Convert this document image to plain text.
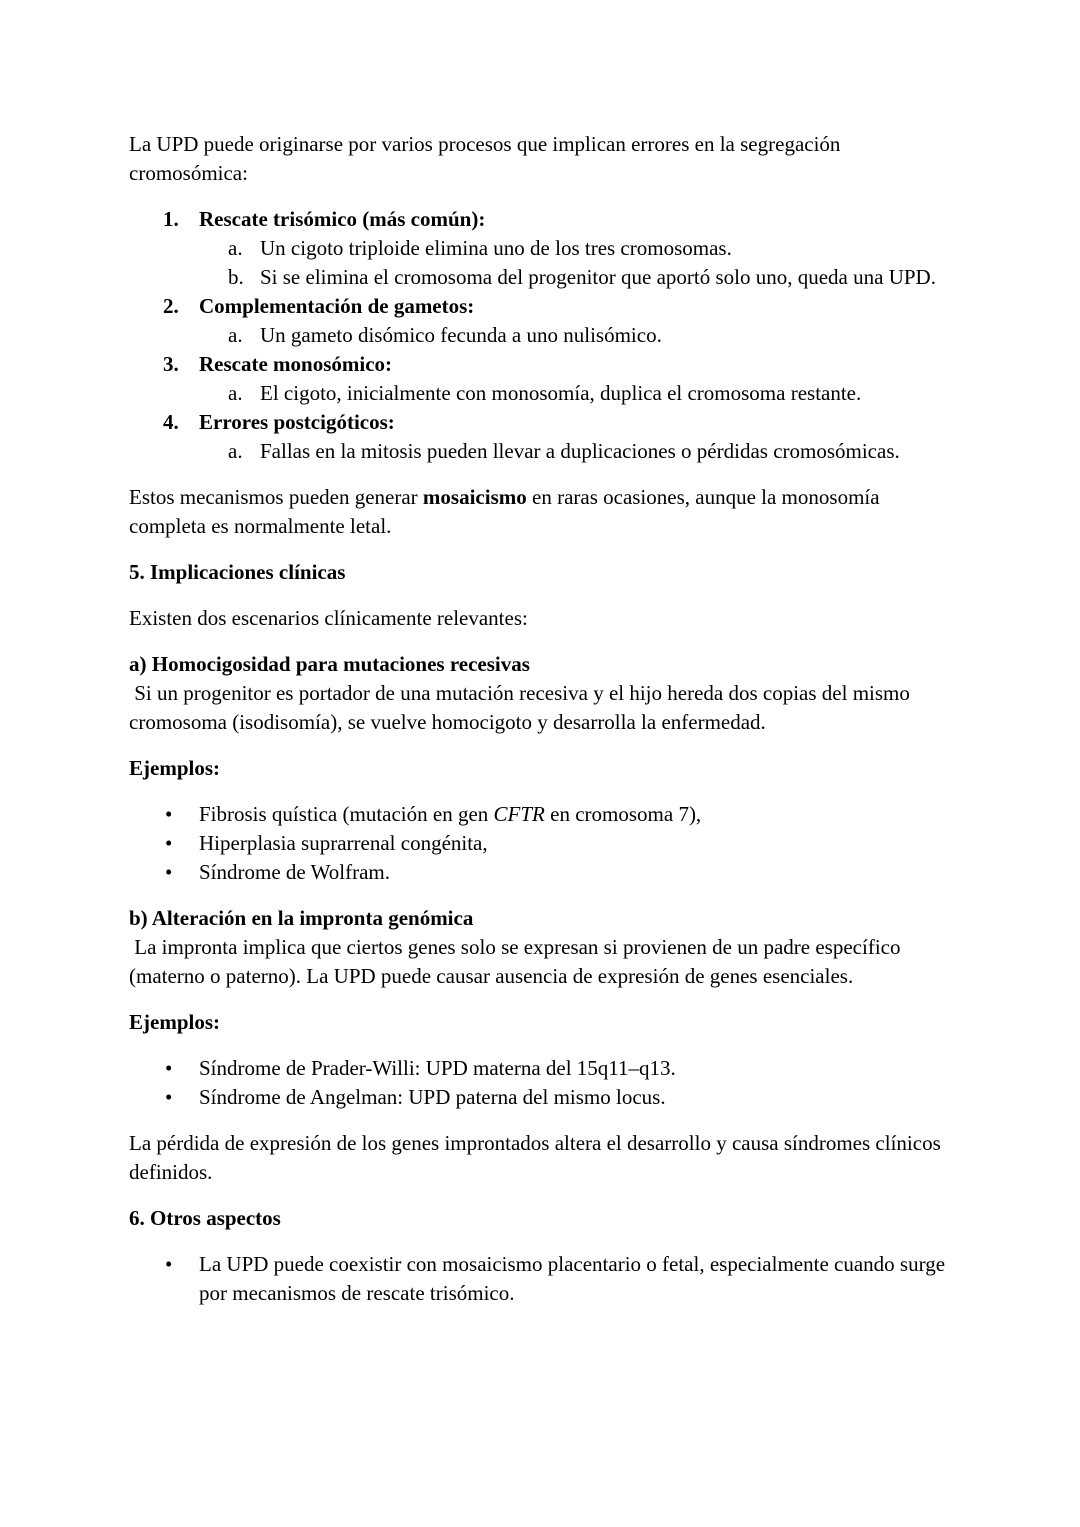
La UPD puede originarse por varios procesos que implican errores en la segregación cromosómica:

1. Rescate trisómico (más común):
a. Un cigoto triploide elimina uno de los tres cromosomas.
b. Si se elimina el cromosoma del progenitor que aportó solo uno, queda una UPD.
2. Complementación de gametos:
a. Un gameto disómico fecunda a uno nulisómico.
3. Rescate monosómico:
a. El cigoto, inicialmente con monosomía, duplica el cromosoma restante.
4. Errores postcigóticos:
a. Fallas en la mitosis pueden llevar a duplicaciones o pérdidas cromosómicas.

Estos mecanismos pueden generar mosaicismo en raras ocasiones, aunque la monosomía completa es normalmente letal.

5. Implicaciones clínicas

Existen dos escenarios clínicamente relevantes:

a) Homocigosidad para mutaciones recesivas
Si un progenitor es portador de una mutación recesiva y el hijo hereda dos copias del mismo cromosoma (isodisomía), se vuelve homocigoto y desarrolla la enfermedad.
Ejemplos:
•	Fibrosis quística (mutación en gen CFTR en cromosoma 7),
•	Hiperplasia suprarrenal congénita,
•	Síndrome de Wolfram.
b) Alteración en la impronta genómica
La impronta implica que ciertos genes solo se expresan si provienen de un padre específico (materno o paterno). La UPD puede causar ausencia de expresión de genes esenciales.
Ejemplos:
•	Síndrome de Prader-Willi: UPD materna del 15q11–q13.
•	Síndrome de Angelman: UPD paterna del mismo locus.

La pérdida de expresión de los genes improntados altera el desarrollo y causa síndromes clínicos definidos.

6. Otros aspectos
•	La UPD puede coexistir con mosaicismo placentario o fetal, especialmente cuando surge por mecanismos de rescate trisómico.
